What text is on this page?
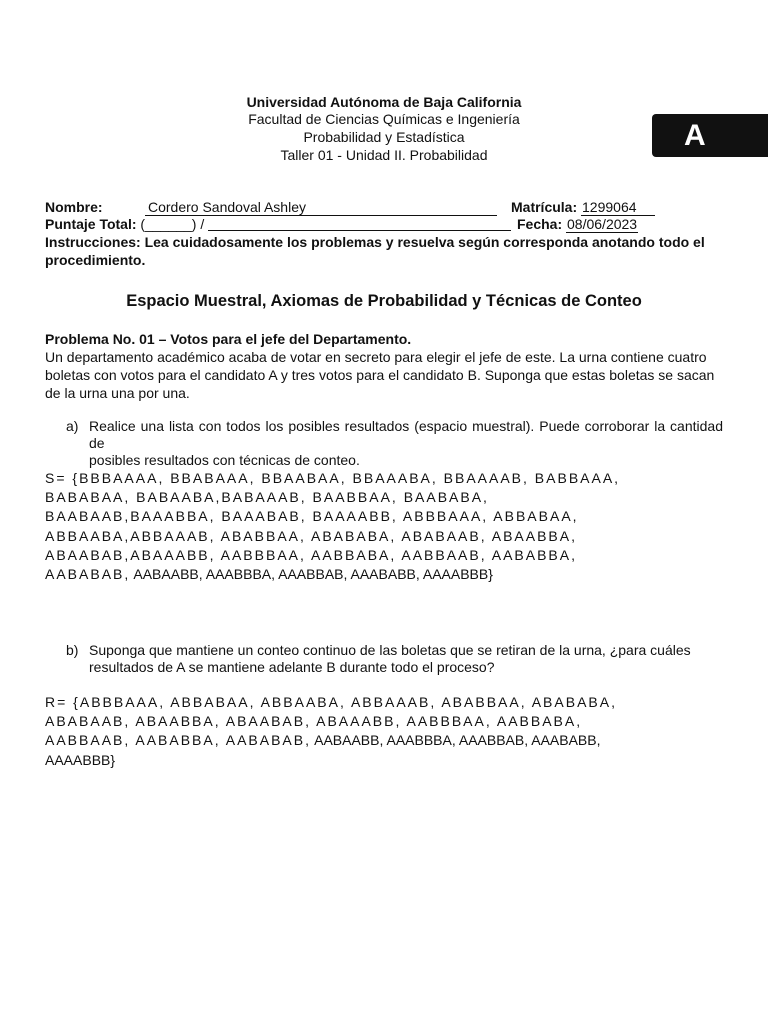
Universidad Autónoma de Baja California
Facultad de Ciencias Químicas e Ingeniería
Probabilidad y Estadística
Taller 01 - Unidad II. Probabilidad
A
Nombre:	Cordero Sandoval Ashley	Matrícula: 1299064
Puntaje Total: (______) /	Fecha: 08/06/2023
Instrucciones: Lea cuidadosamente los problemas y resuelva según corresponda anotando todo el
procedimiento.
Espacio Muestral, Axiomas de Probabilidad y Técnicas de Conteo
Problema No. 01 – Votos para el jefe del Departamento.
Un departamento académico acaba de votar en secreto para elegir el jefe de este. La urna contiene cuatro
boletas con votos para el candidato A y tres votos para el candidato B. Suponga que estas boletas se sacan
de la urna una por una.
a) Realice una lista con todos los posibles resultados (espacio muestral). Puede corroborar la cantidad de
posibles resultados con técnicas de conteo.
S= {BBBAAAA, BBABAAA, BBAABAA, BBAAABA, BBAAAAB, BABBAAA,
BABABAA, BABAABA,BABAAAB, BAABBAA, BAABABA,
BAABAAB,BAAABBA, BAAABAB, BAAAABB, ABBBAAA, ABBABAA,
ABBAABA,ABBAAAB, ABABBAA, ABABABA, ABABAAB, ABAABBA,
ABAABAB,ABAAABB, AABBBAA, AABBABA, AABBAAB, AABABBA,
AABABAB, AABAABB, AAABBBA, AAABBAB, AAABABB, AAAABBB}
b) Suponga que mantiene un conteo continuo de las boletas que se retiran de la urna, ¿para cuáles
resultados de A se mantiene adelante B durante todo el proceso?
R= {ABBBAAA, ABBABAA, ABBAABA, ABBAAAB, ABABBAA, ABABABA,
ABABAAB, ABAABBA, ABAABAB, ABAAABB, AABBBAA, AABBABA,
AABBAAB, AABABBA, AABABAB, AABAABB, AAABBBA, AAABBAB, AAABABB,
AAAABBB}
